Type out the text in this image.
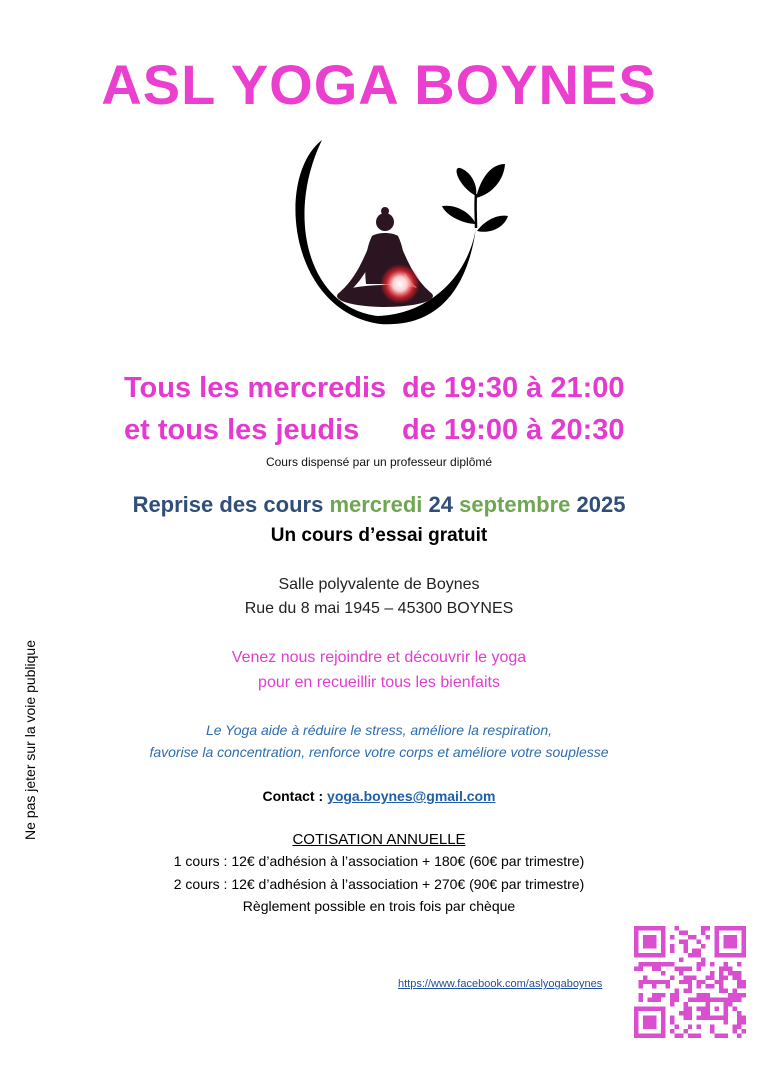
ASL YOGA BOYNES
Tous les mercredis de 19:30 à 21:00
et tous les jeudis de 19:00 à 20:30
Cours dispensé par un professeur diplômé
Reprise des cours mercredi 24 septembre 2025
Un cours d’essai gratuit
Salle polyvalente de Boynes
Rue du 8 mai 1945 – 45300 BOYNES
Venez nous rejoindre et découvrir le yoga
pour en recueillir tous les bienfaits
Le Yoga aide à réduire le stress, améliore la respiration,
favorise la concentration, renforce votre corps et améliore votre souplesse
Contact : yoga.boynes@gmail.com
COTISATION ANNUELLE
1 cours : 12€ d’adhésion à l’association + 180€ (60€ par trimestre)
2 cours : 12€ d’adhésion à l’association + 270€ (90€ par trimestre)
Règlement possible en trois fois par chèque
Ne pas jeter sur la voie publique
https://www.facebook.com/aslyogaboynes
